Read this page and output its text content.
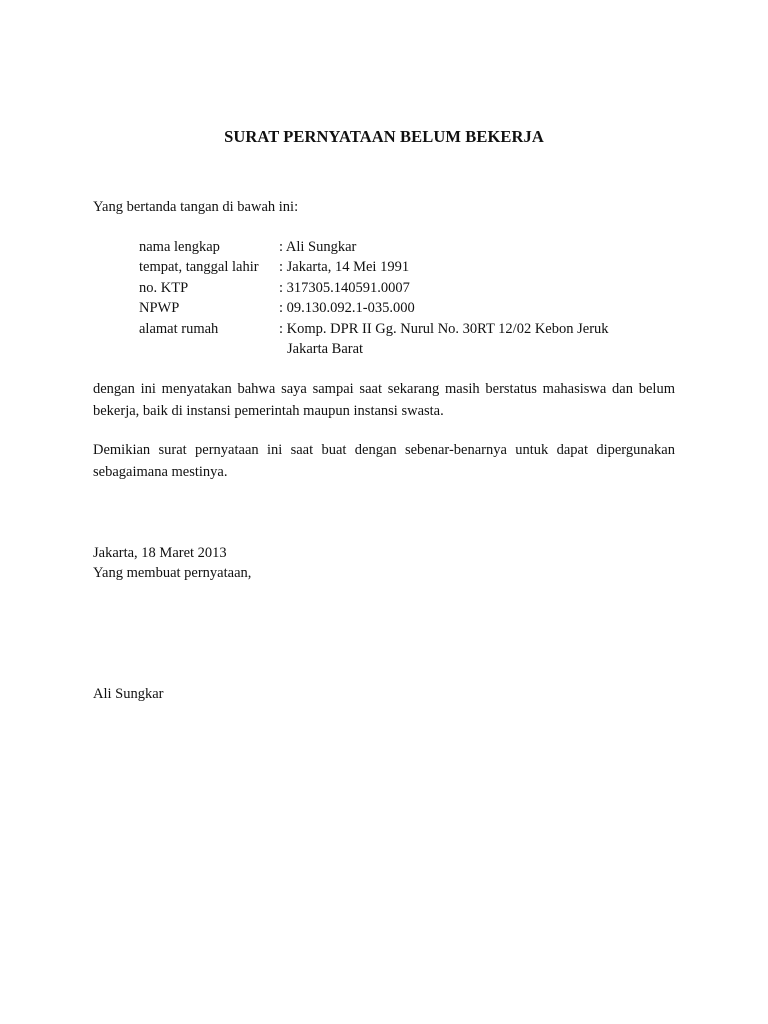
SURAT PERNYATAAN BELUM BEKERJA
Yang bertanda tangan di bawah ini:
nama lengkap	: Ali Sungkar
tempat, tanggal lahir	: Jakarta, 14 Mei 1991
no. KTP	: 317305.140591.0007
NPWP	: 09.130.092.1-035.000
alamat rumah	: Komp. DPR II Gg. Nurul No. 30RT 12/02 Kebon Jeruk
Jakarta Barat
dengan ini menyatakan bahwa saya sampai saat sekarang masih berstatus mahasiswa dan belum bekerja, baik di instansi pemerintah maupun instansi swasta.
Demikian surat pernyataan ini saat buat dengan sebenar-benarnya untuk dapat dipergunakan sebagaimana mestinya.
Jakarta, 18 Maret 2013
Yang membuat pernyataan,
Ali Sungkar
